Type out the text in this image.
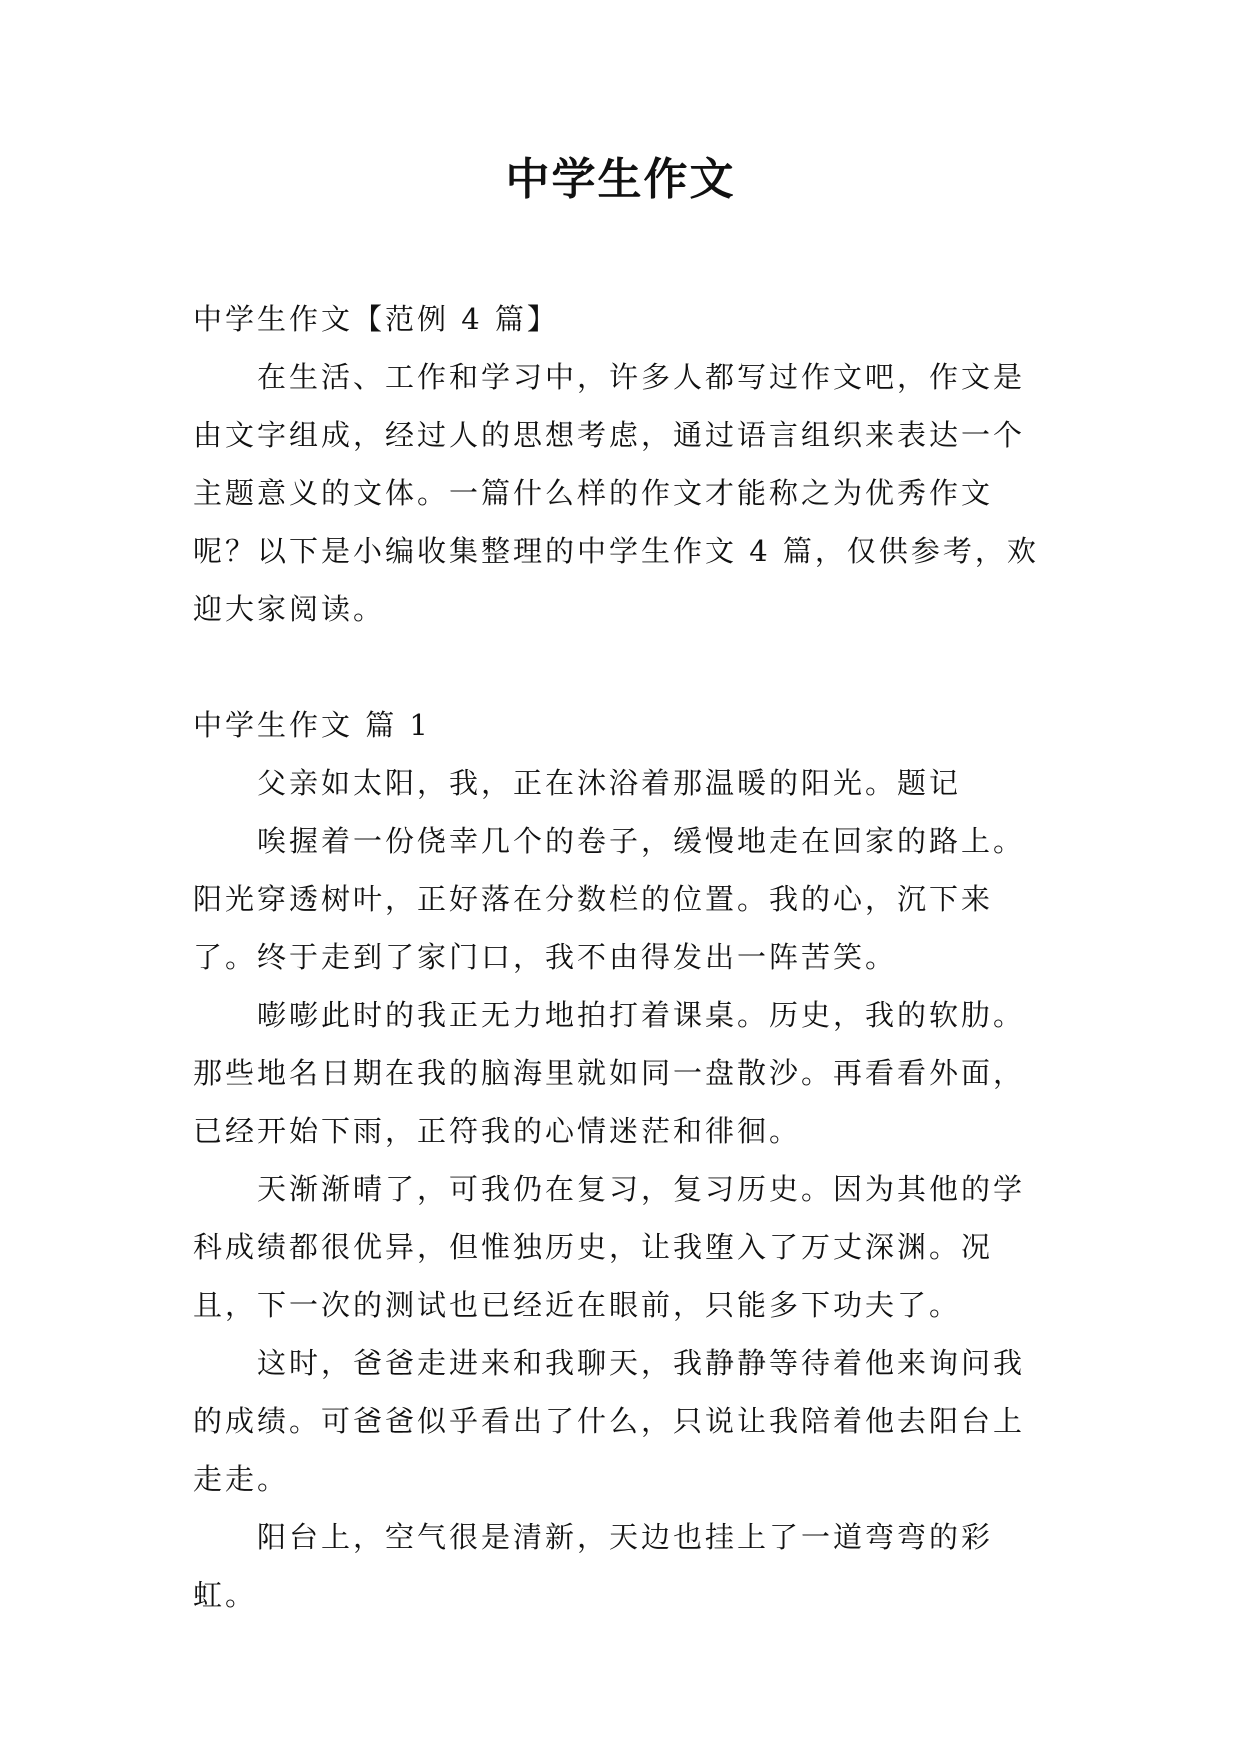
中学生作文

中学生作文【范例 4 篇】

在生活、工作和学习中，许多人都写过作文吧，作文是由文字组成，经过人的思想考虑，通过语言组织来表达一个主题意义的文体。一篇什么样的作文才能称之为优秀作文呢？以下是小编收集整理的中学生作文 4 篇，仅供参考，欢迎大家阅读。

中学生作文 篇 1

父亲如太阳，我，正在沐浴着那温暖的阳光。题记

唉握着一份侥幸几个的卷子，缓慢地走在回家的路上。阳光穿透树叶，正好落在分数栏的位置。我的心，沉下来了。终于走到了家门口，我不由得发出一阵苦笑。

嘭嘭此时的我正无力地拍打着课桌。历史，我的软肋。那些地名日期在我的脑海里就如同一盘散沙。再看看外面，已经开始下雨，正符我的心情迷茫和徘徊。

天渐渐晴了，可我仍在复习，复习历史。因为其他的学科成绩都很优异，但惟独历史，让我堕入了万丈深渊。况且，下一次的测试也已经近在眼前，只能多下功夫了。

这时，爸爸走进来和我聊天，我静静等待着他来询问我的成绩。可爸爸似乎看出了什么，只说让我陪着他去阳台上走走。

阳台上，空气很是清新，天边也挂上了一道弯弯的彩虹。
